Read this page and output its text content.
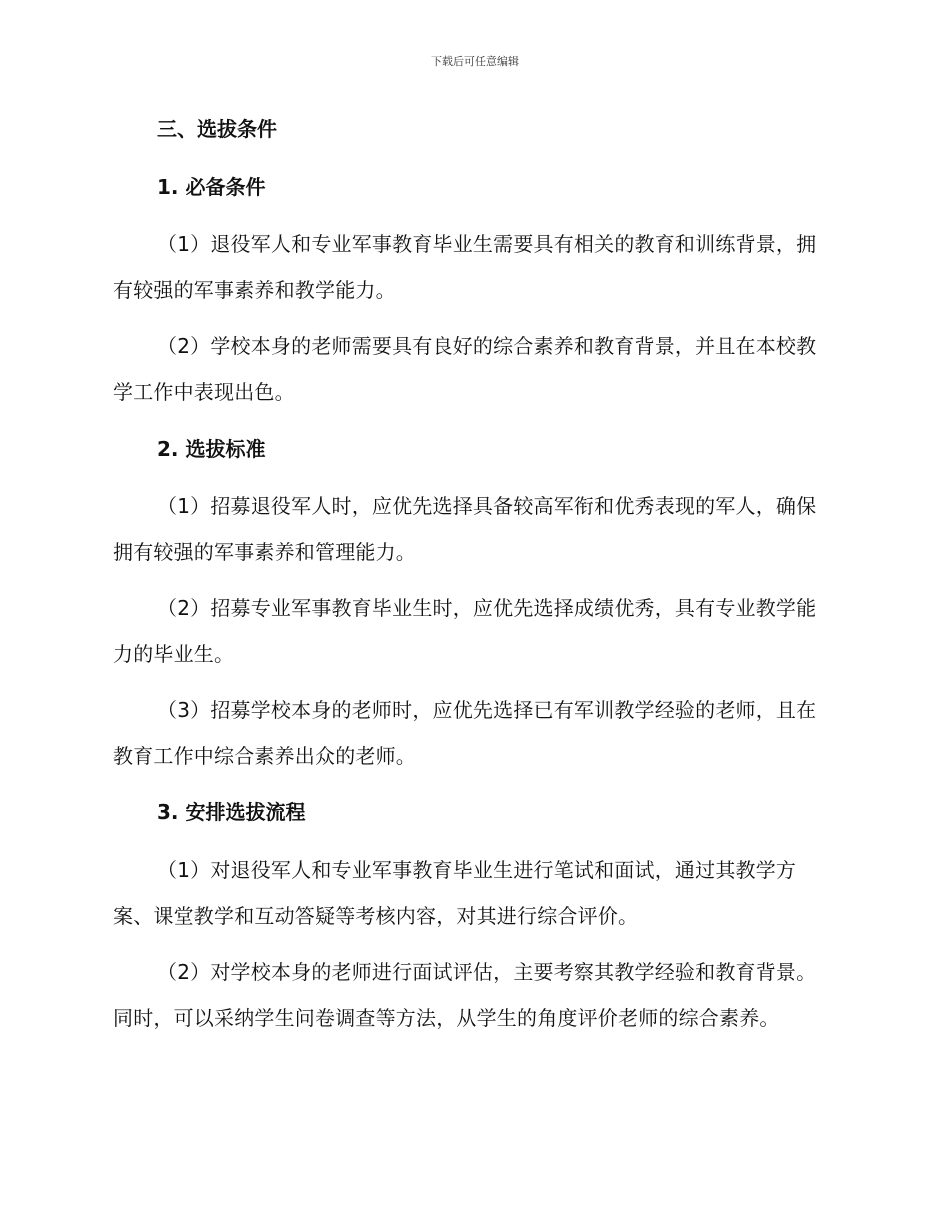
下载后可任意编辑
三、选拔条件
1. 必备条件
（1）退役军人和专业军事教育毕业生需要具有相关的教育和训练背景，拥有较强的军事素养和教学能力。
（2）学校本身的老师需要具有良好的综合素养和教育背景，并且在本校教学工作中表现出色。
2. 选拔标准
（1）招募退役军人时，应优先选择具备较高军衔和优秀表现的军人，确保拥有较强的军事素养和管理能力。
（2）招募专业军事教育毕业生时，应优先选择成绩优秀，具有专业教学能力的毕业生。
（3）招募学校本身的老师时，应优先选择已有军训教学经验的老师，且在教育工作中综合素养出众的老师。
3. 安排选拔流程
（1）对退役军人和专业军事教育毕业生进行笔试和面试，通过其教学方案、课堂教学和互动答疑等考核内容，对其进行综合评价。
（2）对学校本身的老师进行面试评估，主要考察其教学经验和教育背景。同时，可以采纳学生问卷调查等方法，从学生的角度评价老师的综合素养。
